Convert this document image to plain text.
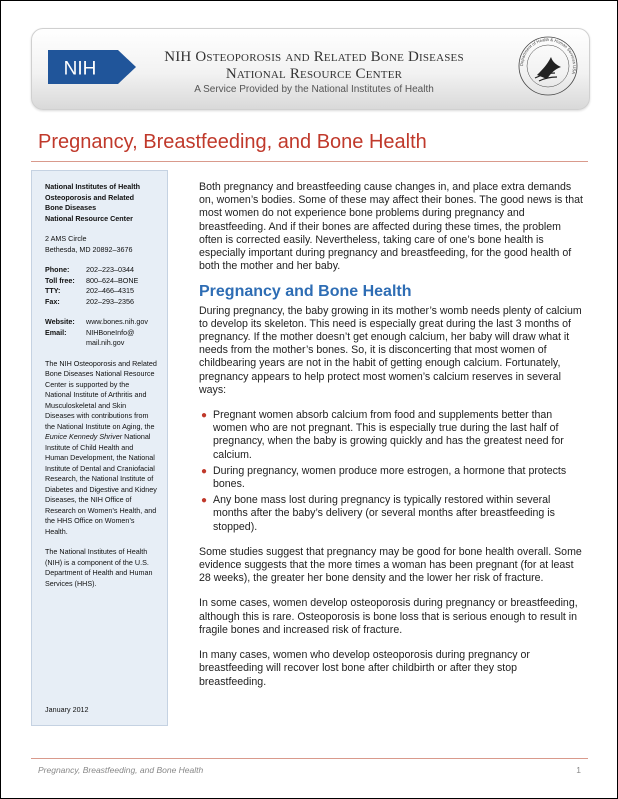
NIH
NIH Osteoporosis and Related Bone Diseases
National Resource Center
A Service Provided by the National Institutes of Health
Department of Health & Human Services USA
Pregnancy, Breastfeeding, and Bone Health
National Institutes of Health
Osteoporosis and Related
Bone Diseases
National Resource Center
2 AMS Circle
Bethesda, MD 20892–3676
Phone:	202–223–0344
Toll free:	800–624–BONE
TTY:	202–466–4315
Fax:	202–293–2356
Website:	www.bones.nih.gov
Email:	NIHBoneInfo@ mail.nih.gov

The NIH Osteoporosis and Related Bone Diseases National Resource Center is supported by the National Institute of Arthritis and Musculoskeletal and Skin Diseases with contributions from the National Institute on Aging, the Eunice Kennedy Shriver National Institute of Child Health and Human Development, the National Institute of Dental and Craniofacial Research, the National Institute of Diabetes and Digestive and Kidney Diseases, the NIH Office of Research on Women’s Health, and the HHS Office on Women’s Health.

The National Institutes of Health (NIH) is a component of the U.S. Department of Health and Human Services (HHS).

January 2012

Both pregnancy and breastfeeding cause changes in, and place extra demands on, women’s bodies. Some of these may affect their bones. The good news is that most women do not experience bone problems during pregnancy and breastfeeding. And if their bones are affected during these times, the problem often is corrected easily. Nevertheless, taking care of one’s bone health is especially important during pregnancy and breastfeeding, for the good health of both the mother and her baby.

Pregnancy and Bone Health

During pregnancy, the baby growing in its mother’s womb needs plenty of calcium to develop its skeleton. This need is especially great during the last 3 months of pregnancy. If the mother doesn’t get enough calcium, her baby will draw what it needs from the mother’s bones. So, it is disconcerting that most women of childbearing years are not in the habit of getting enough calcium. Fortunately, pregnancy appears to help protect most women’s calcium reserves in several ways:

● Pregnant women absorb calcium from food and supplements better than women who are not pregnant. This is especially true during the last half of pregnancy, when the baby is growing quickly and has the greatest need for calcium.
● During pregnancy, women produce more estrogen, a hormone that protects bones.
● Any bone mass lost during pregnancy is typically restored within several months after the baby’s delivery (or several months after breastfeeding is stopped).

Some studies suggest that pregnancy may be good for bone health overall. Some evidence suggests that the more times a woman has been pregnant (for at least 28 weeks), the greater her bone density and the lower her risk of fracture.

In some cases, women develop osteoporosis during pregnancy or breastfeeding, although this is rare. Osteoporosis is bone loss that is serious enough to result in fragile bones and increased risk of fracture.

In many cases, women who develop osteoporosis during pregnancy or breastfeeding will recover lost bone after childbirth or after they stop breastfeeding.

Pregnancy, Breastfeeding, and Bone Health	1
